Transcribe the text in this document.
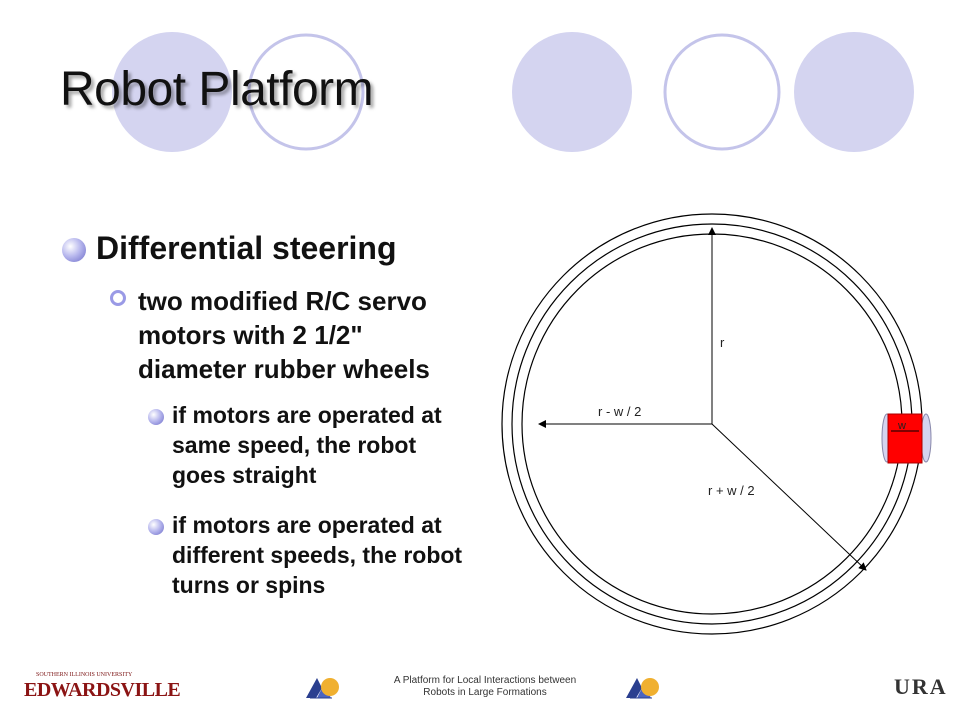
Robot Platform
Differential steering
two modified R/C servo motors with 2 1/2" diameter rubber wheels
if motors are operated at same speed, the robot goes straight
if motors are operated at different speeds, the robot turns or spins
r
r - w / 2
r + w / 2
w
SOUTHERN ILLINOIS UNIVERSITY
EDWARDSVILLE	A Platform for Local Interactions between
Robots in Large Formations	URA
